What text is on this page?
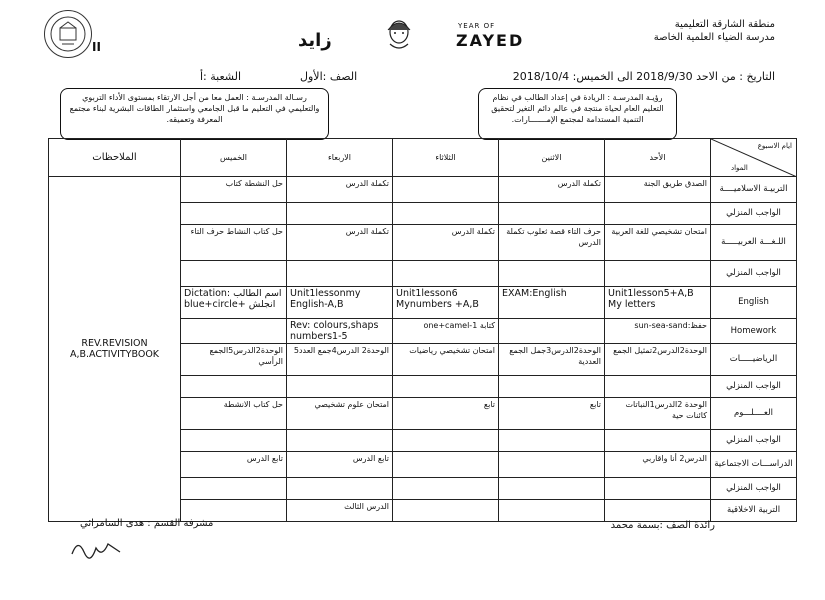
II	زايد
YEAR OF
ZAYED
منطقة الشارقة التعليمية
مدرسة الضياء العلمية الخاصة
التاريخ : من الاحد 2018/9/30 الى الخميس: 2018/10/4
الصف :الأول
الشعبة :أ
رؤيـة المدرسـة : الريادة في إعداد الطالب في نظام التعليم العام لحياة منتجة في عالم دائم التغير لتحقيق التنمية المستدامة لمجتمع الإمـــــــارات.
رسـالة المدرسـة : العمل معا من أجل الارتقاء بمستوى الأداء التربوي والتعليمي في التعليم ما قبل الجامعي واستثمار الطاقات البشرية لبناء مجتمع المعرفة وتعميقه.
ايام الاسبوع
المواد	الأحد	الاثنين	الثلاثاء	الاربعاء	الخميس	الملاحظات
التربيـة الاسلاميــــة	الصدق طريق الجنة	تكملة الدرس		تكملة الدرس	حل النشطة كتاب	REV.REVISION A,B.ACTIVITYBOOK
الواجب المنزلي						
اللـغـــة العربيـــــة	امتحان تشخيصي للغة العربية	حرف التاء قصة ثعلوب تكملة الدرس	تكملة الدرس	تكملة الدرس	حل كتاب النشاط حرف التاء	
الواجب المنزلي						
English	Unit1lesson5+A,B My letters	EXAM:English	Unit1lesson6 Mynumbers +A,B	Unit1lessonmy English-A,B	Dictation: اسم الطالب blue+circle+ انجلش	
Homework	حفظ:sun-sea-sand		كتابة 1-one+camel	Rev: colours,shaps numbers1-5		
الرياضيـــــات	الوحدة2الدرس2تمثيل الجمع	الوحدة2الدرس3جمل الجمع العددية	امتحان تشخيصي رياضيات	الوحدة2 الدرس4جمع العدد5	الوحدة2الدرس5الجمع الرأسي	
الواجب المنزلي						
العــــلـــوم	الوحدة 2الدرس1النباتات كائنات حية	تابع	تابع	امتحان علوم تشخيصي	حل كتاب الانشطة	
الواجب المنزلي						
الدراســـات الاجتماعية	الدرس2 أنا واقاربي			تابع الدرس	تابع الدرس	
الواجب المنزلي						
التربية الاخلاقية				الدرس الثالث		
رائدة الصف :بسمة محمد
مشرفة القسم : هدى السامرائي
